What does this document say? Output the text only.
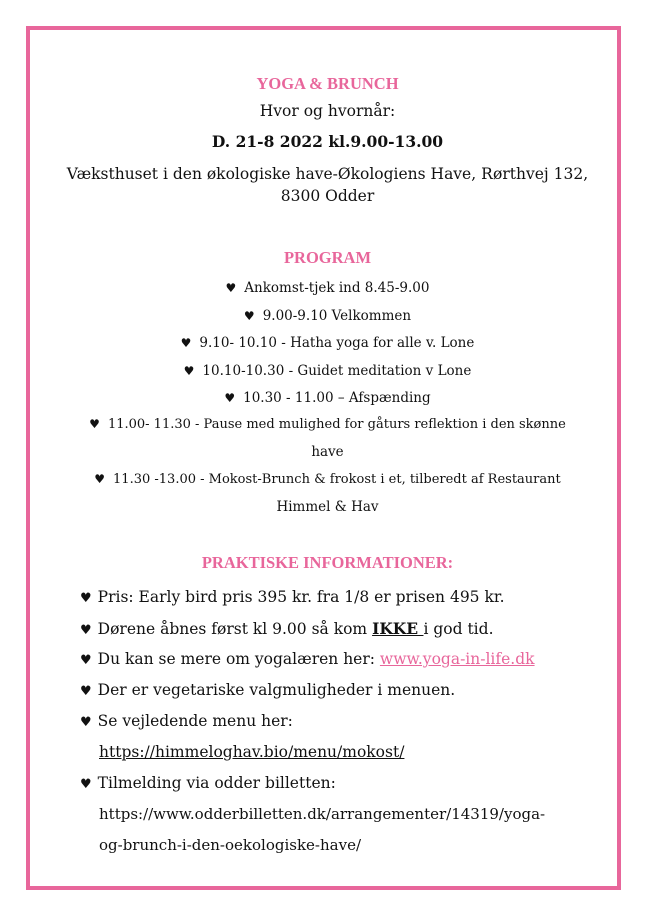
YOGA & BRUNCH
Hvor og hvornår:
D. 21-8 2022 kl.9.00-13.00
Væksthuset i den økologiske have-Økologiens Have, Rørthvej 132,
8300 Odder
PROGRAM
♥ Ankomst-tjek ind 8.45-9.00
♥ 9.00-9.10 Velkommen
♥ 9.10- 10.10 - Hatha yoga for alle v. Lone
♥ 10.10-10.30 - Guidet meditation v Lone
♥ 10.30 - 11.00 – Afspænding
♥ 11.00- 11.30 - Pause med mulighed for gåturs reflektion i den skønne
have
♥ 11.30 -13.00 - Mokost-Brunch & frokost i et, tilberedt af Restaurant
Himmel & Hav
PRAKTISKE INFORMATIONER:
♥ Pris: Early bird pris 395 kr. fra 1/8 er prisen 495 kr.
♥ Dørene åbnes først kl 9.00 så kom IKKE i god tid.
♥ Du kan se mere om yogalæren her: www.yoga-in-life.dk
♥ Der er vegetariske valgmuligheder i menuen.
♥ Se vejledende menu her:
https://himmeloghav.bio/menu/mokost/
♥ Tilmelding via odder billetten:
https://www.odderbilletten.dk/arrangementer/14319/yoga-
og-brunch-i-den-oekologiske-have/
